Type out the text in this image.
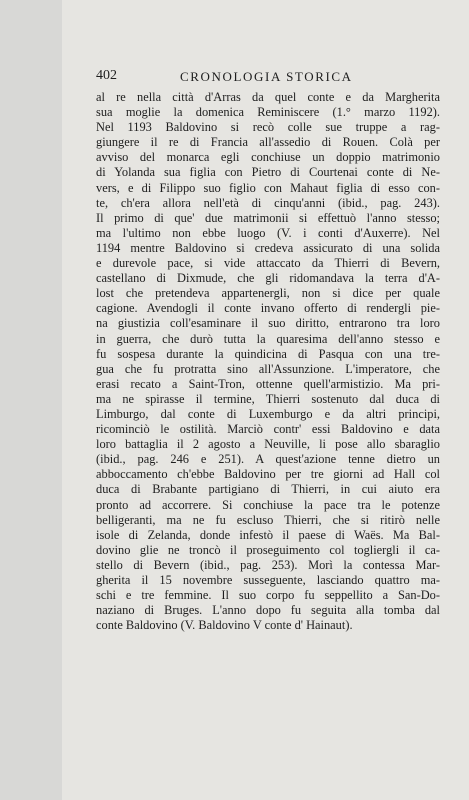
402	CRONOLOGIA STORICA
al re nella città d'Arras da quel conte e da Margherita
sua moglie la domenica Reminiscere (1.° marzo 1192).
Nel 1193 Baldovino si recò colle sue truppe a rag-
giungere il re di Francia all'assedio di Rouen. Colà per
avviso del monarca egli conchiuse un doppio matrimonio
di Yolanda sua figlia con Pietro di Courtenai conte di Ne-
vers, e di Filippo suo figlio con Mahaut figlia di esso con-
te, ch'era allora nell'età di cinqu'anni (ibid., pag. 243).
Il primo di que' due matrimonii si effettuò l'anno stesso;
ma l'ultimo non ebbe luogo (V. i conti d'Auxerre). Nel
1194 mentre Baldovino si credeva assicurato di una solida
e durevole pace, si vide attaccato da Thierri di Bevern,
castellano di Dixmude, che gli ridomandava la terra d'A-
lost che pretendeva appartenergli, non si dice per quale
cagione. Avendogli il conte invano offerto di rendergli pie-
na giustizia coll'esaminare il suo diritto, entrarono tra loro
in guerra, che durò tutta la quaresima dell'anno stesso e
fu sospesa durante la quindicina di Pasqua con una tre-
gua che fu protratta sino all'Assunzione. L'imperatore, che
erasi recato a Saint-Tron, ottenne quell'armistizio. Ma pri-
ma ne spirasse il termine, Thierri sostenuto dal duca di
Limburgo, dal conte di Luxemburgo e da altri principi,
ricominciò le ostilità. Marciò contr' essi Baldovino e data
loro battaglia il 2 agosto a Neuville, li pose allo sbaraglio
(ibid., pag. 246 e 251). A quest'azione tenne dietro un
abboccamento ch'ebbe Baldovino per tre giorni ad Hall col
duca di Brabante partigiano di Thierri, in cui aiuto era
pronto ad accorrere. Si conchiuse la pace tra le potenze
belligeranti, ma ne fu escluso Thierri, che si ritirò nelle
isole di Zelanda, donde infestò il paese di Waës. Ma Bal-
dovino glie ne troncò il proseguimento col togliergli il ca-
stello di Bevern (ibid., pag. 253). Morì la contessa Mar-
gherita il 15 novembre susseguente, lasciando quattro ma-
schi e tre femmine. Il suo corpo fu seppellito a San-Do-
naziano di Bruges. L'anno dopo fu seguita alla tomba dal
conte Baldovino (V. Baldovino V conte d' Hainaut).
